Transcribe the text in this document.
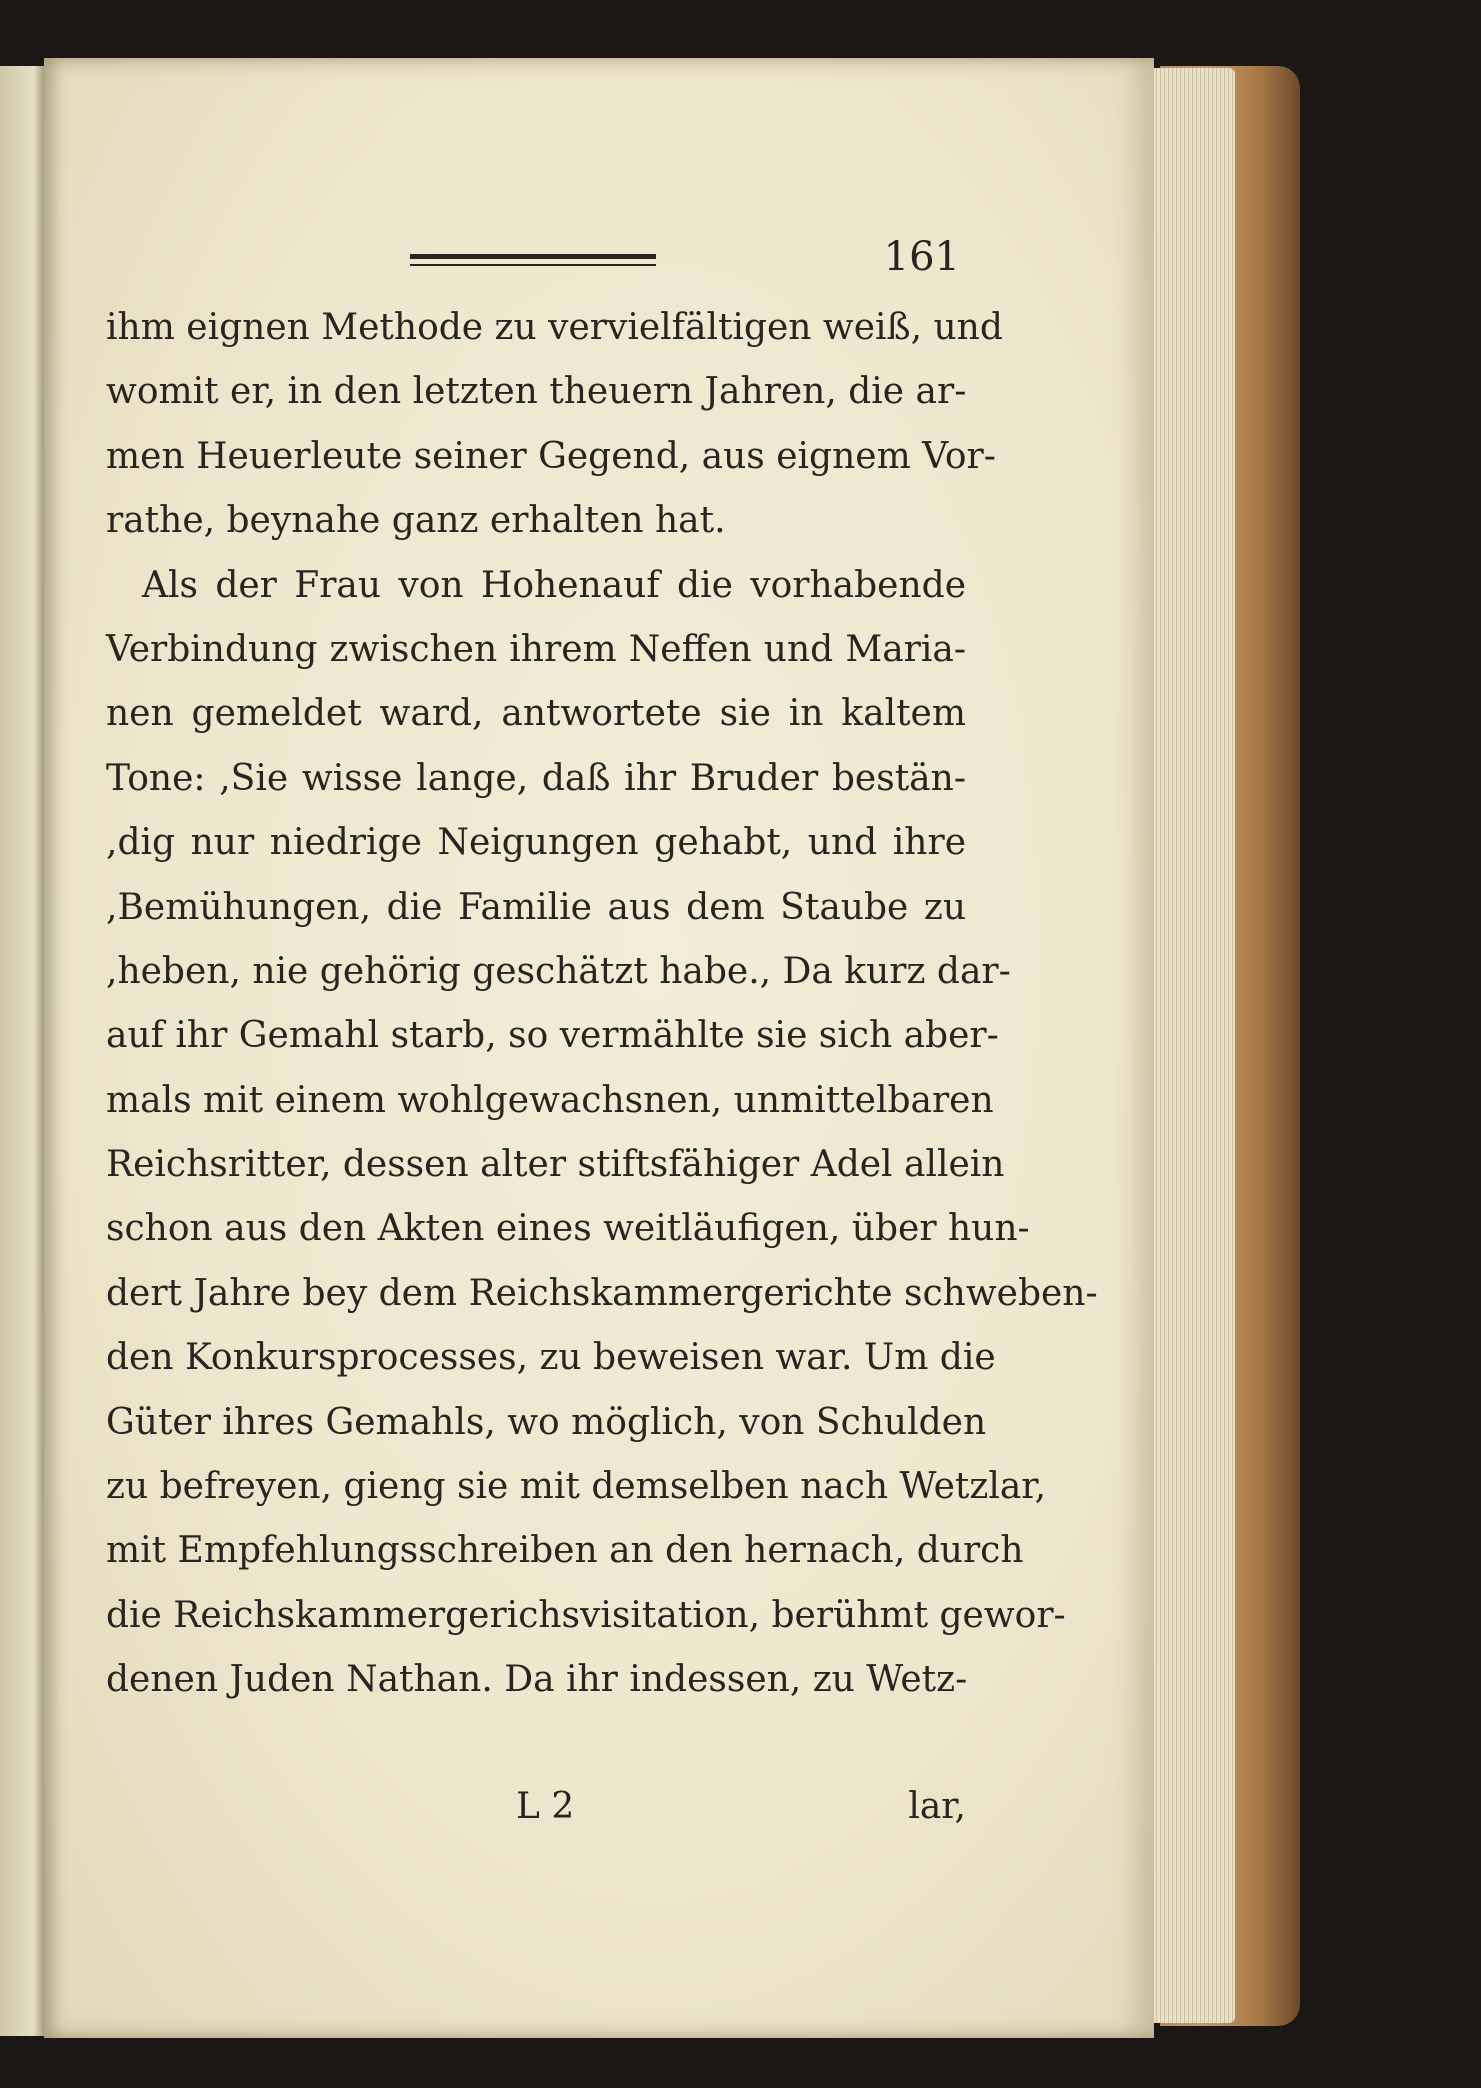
161
ihm eignen Methode zu vervielfältigen weiß, und
womit er, in den letzten theuern Jahren, die ar-
men Heuerleute seiner Gegend, aus eignem Vor-
rathe, beynahe ganz erhalten hat.
Als der Frau von Hohenauf die vorhabende
Verbindung zwischen ihrem Neffen und Maria-
nen gemeldet ward, antwortete sie in kaltem
Tone: ,Sie wisse lange, daß ihr Bruder bestän-
,dig nur niedrige Neigungen gehabt, und ihre
,Bemühungen, die Familie aus dem Staube zu
,heben, nie gehörig geschätzt habe., Da kurz dar-
auf ihr Gemahl starb, so vermählte sie sich aber-
mals mit einem wohlgewachsnen, unmittelbaren
Reichsritter, dessen alter stiftsfähiger Adel allein
schon aus den Akten eines weitläufigen, über hun-
dert Jahre bey dem Reichskammergerichte schweben-
den Konkursprocesses, zu beweisen war. Um die
Güter ihres Gemahls, wo möglich, von Schulden
zu befreyen, gieng sie mit demselben nach Wetzlar,
mit Empfehlungsschreiben an den hernach, durch
die Reichskammergerichsvisitation, berühmt gewor-
denen Juden Nathan. Da ihr indessen, zu Wetz-
L 2	lar,
